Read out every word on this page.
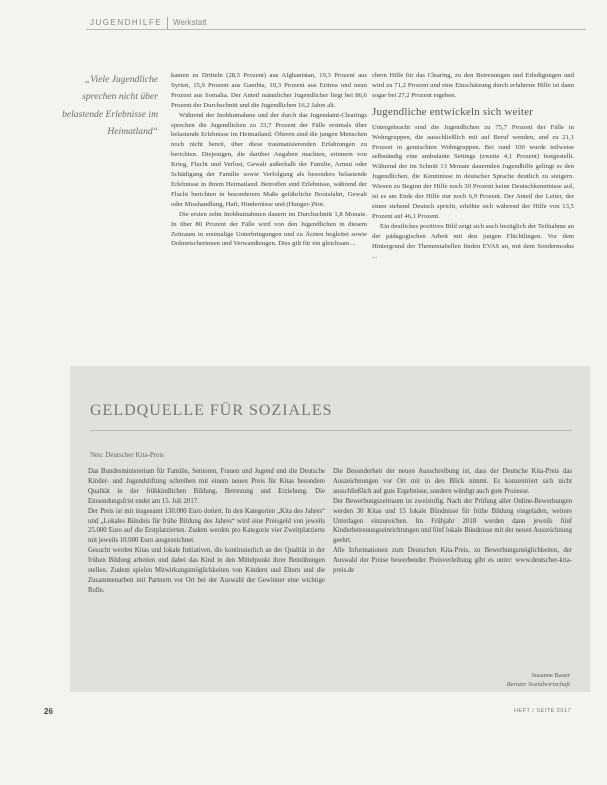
JUGENDHILFE Werkstatt
„Viele Jugendliche sprechen nicht über belastende Erlebnisse im Heimatland“

kamen zu Dritteln (28,5 Prozent) aus Afghanistan, 19,3 Prozent aus Syrien, 15,9 Prozent aus Gambia, 10,3 Prozent aus Eritrea und neun Prozent aus Somalia. Der Anteil männlicher Jugendlicher liegt bei 86,6 Prozent der Durchschnitt und die Jugendlichen 16,2 Jahre alt.

Während der Inobhutnahme und der durch das Jugendamt-Clearings sprechen die Jugendlichen zu 33,7 Prozent der Fälle erstmals über belastende Erlebnisse im Heimatland. Öfteren sind die jungen Menschen noch nicht bereit, über diese traumatisierenden Erfahrungen zu berichten. Diejenigen, die darüber Angaben machten, erinnern von Krieg, Flucht und Verlust, Gewalt außerhalb der Familie, Armut oder Schädigung der Familie sowie Verfolgung als besonders belastende Erlebnisse in ihrem Heimatland. Betroffen sind Erlebnisse, während der Flucht berichten in besonderem Maße gefährliche Bootsfahrt, Gewalt oder Misshandlung, Haft, Hindernisse und (Hunger-)Not.

Die ersten zehn Inobhutnahmen dauern im Durchschnitt 1,8 Monate. In über 80 Prozent der Fälle wird von den Jugendlichen in diesem Zeitraum in erstmalige Unterbringungen und zu Ärzten begleitet sowie Dolmetscherinnen und Verwandtengen. Dies gilt für ein gleichsam ...

chern Hilfe für das Clearing, zu den Betreuungen und Erledigungen und wird zu 71,2 Prozent und eine Einschätzung durch erfahrene Hilfe ist dann sogar bei 27,2 Prozent ergeben.

Jugendliche entwickeln sich weiter

Untergebracht sind die Jugendlichen zu 75,7 Prozent der Fälle in Wohngruppen, die ausschließlich mit auf Beruf wenden, und zu 21,1 Prozent in gemischten Wohngruppen. Bei rund 100 wurde teilweise selbständig eine ambulante Settings (zweite 4,1 Prozent) festgestellt. Während der im Schnitt 13 Monate dauernden Jugendhilfe gelingt es den Jugendlichen, die Kenntnisse in deutscher Sprache deutlich zu steigern. Wiesen zu Beginn der Hilfe noch 30 Prozent keine Deutschkenntnisse auf, ist es am Ende der Hilfe nur noch 6,9 Prozent. Der Anteil der Leiter, der einen stehend Deutsch spricht, erhöhte sich während der Hilfe von 13,5 Prozent auf 46,1 Prozent.

Ein deutliches positives Bild zeigt sich auch bezüglich der Teilnahme an der pädagogischen Arbeit mit den jungen Flüchtlingen. Vor dem Hintergrund der Thementabellen finden EVAS an, mit dem Sondermodus ...

GELDQUELLE FÜR SOZIALES
Neu: Deutscher Kita-Preis

Das Bundesministerium für Familie, Senioren, Frauen und Jugend und die Deutsche Kinder- und Jugendstiftung schreiben mit einem neuen Preis für Kitas besondere Qualität in der frühkindlichen Bildung, Betreuung und Erziehung. Die Einsendungsfrist endet am 15. Juli 2017.

Der Preis ist mit insgesamt 130.000 Euro dotiert. In den Kategorien „Kita des Jahres“ und „Lokales Bündnis für frühe Bildung des Jahres“ wird eine Preisgeld von jeweils 25.000 Euro auf die Erstplatzierten. Zudem werden pro Kategorie vier Zweitplatzierte mit jeweils 10.000 Euro ausgezeichnet.

Gesucht werden Kitas und lokale Initiativen, die kontinuierlich an der Qualität in der frühen Bildung arbeiten und dabei das Kind in den Mittelpunkt ihrer Bemühungen stellen. Zudem spielen Mitwirkungsmöglichkeiten von Kindern und Eltern und die Zusammenarbeit mit Partnern vor Ort bei der Auswahl der Gewinner eine wichtige Rolle.

Die Besonderheit der neuen Ausschreibung ist, dass der Deutsche Kita-Preis das Auszeichnungen vor Ort mit in den Blick nimmt. Es konzentriert sich nicht ausschließlich auf gute Ergebnisse, sondern würdigt auch gute Prozesse.

Der Bewerbungszeitraum ist zweistufig. Nach der Prüfung aller Online-Bewerbungen werden 30 Kitas und 15 lokale Bündnisse für frühe Bildung eingeladen, weitere Unterlagen einzureichen. Im Frühjahr 2018 werden dann jeweils fünf Kinderbetreuungseinrichtungen und fünf lokale Bündnisse mit der neuen Auszeichnung geehrt.

Alle Informationen zum Deutschen Kita-Preis, zu Bewerbungsmöglichkeiten, der Auswahl der Preise bewerbender Preisverleihung gibt es unter: www.deutscher-kita-preis.de

Susanne Bauer
Berater Sozialwirtschaft
26	HEFT / SEITE 2017
